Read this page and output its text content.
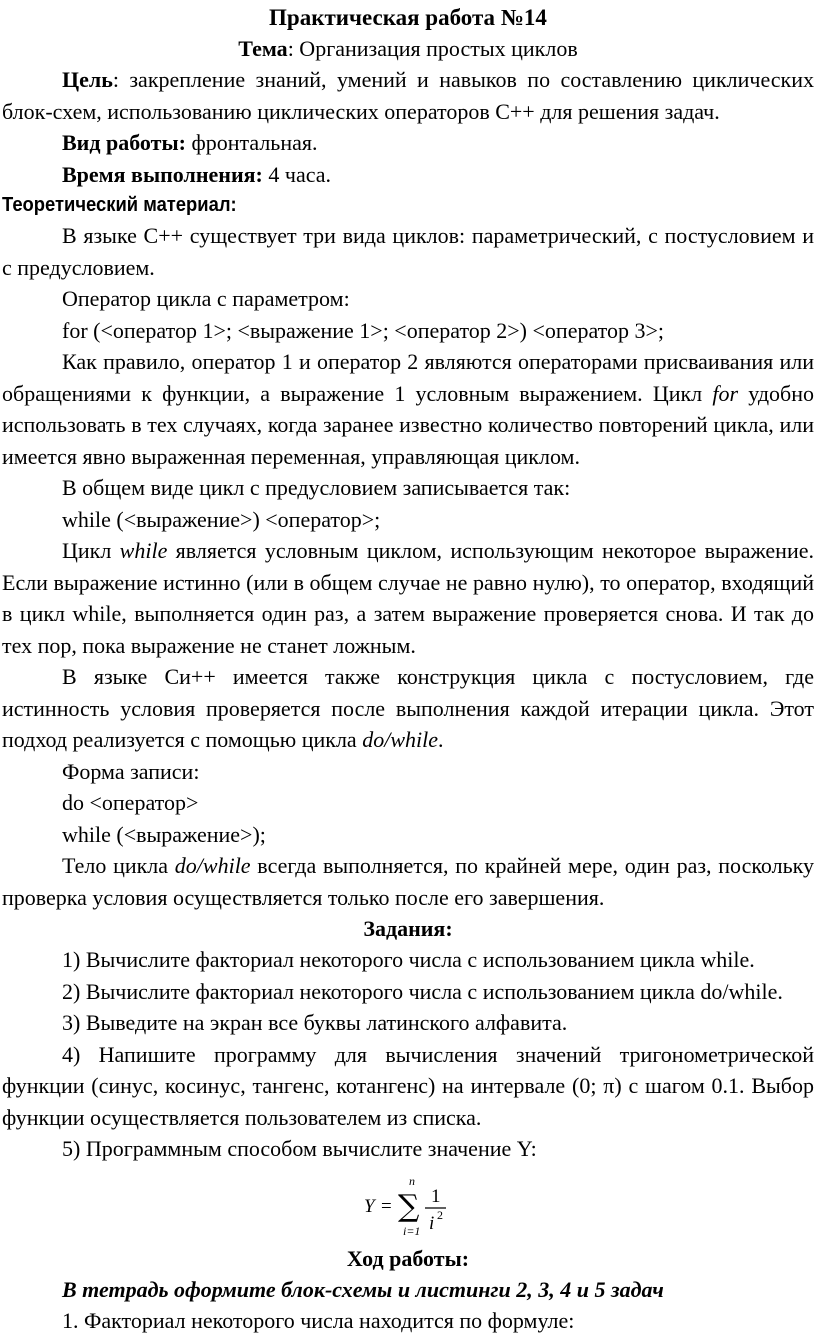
Практическая работа №14
Тема: Организация простых циклов

Цель: закрепление знаний, умений и навыков по составлению циклических блок-схем, использованию циклических операторов С++ для решения задач.

Вид работы: фронтальная.

Время выполнения: 4 часа.

Теоретический материал:

В языке С++ существует три вида циклов: параметрический, с постусловием и с предусловием.

Оператор цикла с параметром:

for (<оператор 1>; <выражение 1>; <оператор 2>) <оператор 3>;

Как правило, оператор 1 и оператор 2 являются операторами присваивания или обращениями к функции, а выражение 1 условным выражением. Цикл for удобно использовать в тех случаях, когда заранее известно количество повторений цикла, или имеется явно выраженная переменная, управляющая циклом.

В общем виде цикл с предусловием записывается так:

while (<выражение>) <оператор>;

Цикл while является условным циклом, использующим некоторое выражение. Если выражение истинно (или в общем случае не равно нулю), то оператор, входящий в цикл while, выполняется один раз, а затем выражение проверяется снова. И так до тех пор, пока выражение не станет ложным.

В языке Си++ имеется также конструкция цикла с постусловием, где истинность условия проверяется после выполнения каждой итерации цикла. Этот подход реализуется с помощью цикла do/while.

Форма записи:

do <оператор>

while (<выражение>);

Тело цикла do/while всегда выполняется, по крайней мере, один раз, поскольку проверка условия осуществляется только после его завершения.

Задания:

1) Вычислите факториал некоторого числа с использованием цикла while.

2) Вычислите факториал некоторого числа с использованием цикла do/while.

3) Выведите на экран все буквы латинского алфавита.

4) Напишите программу для вычисления значений тригонометрической функции (синус, косинус, тангенс, котангенс) на интервале (0; π) с шагом 0.1. Выбор функции осуществляется пользователем из списка.

5) Программным способом вычислите значение Y:

Y = ∑
n
i=1
1
i 2
Ход работы:

В тетрадь оформите блок-схемы и листинги 2, 3, 4 и 5 задач

1. Факториал некоторого числа находится по формуле:
